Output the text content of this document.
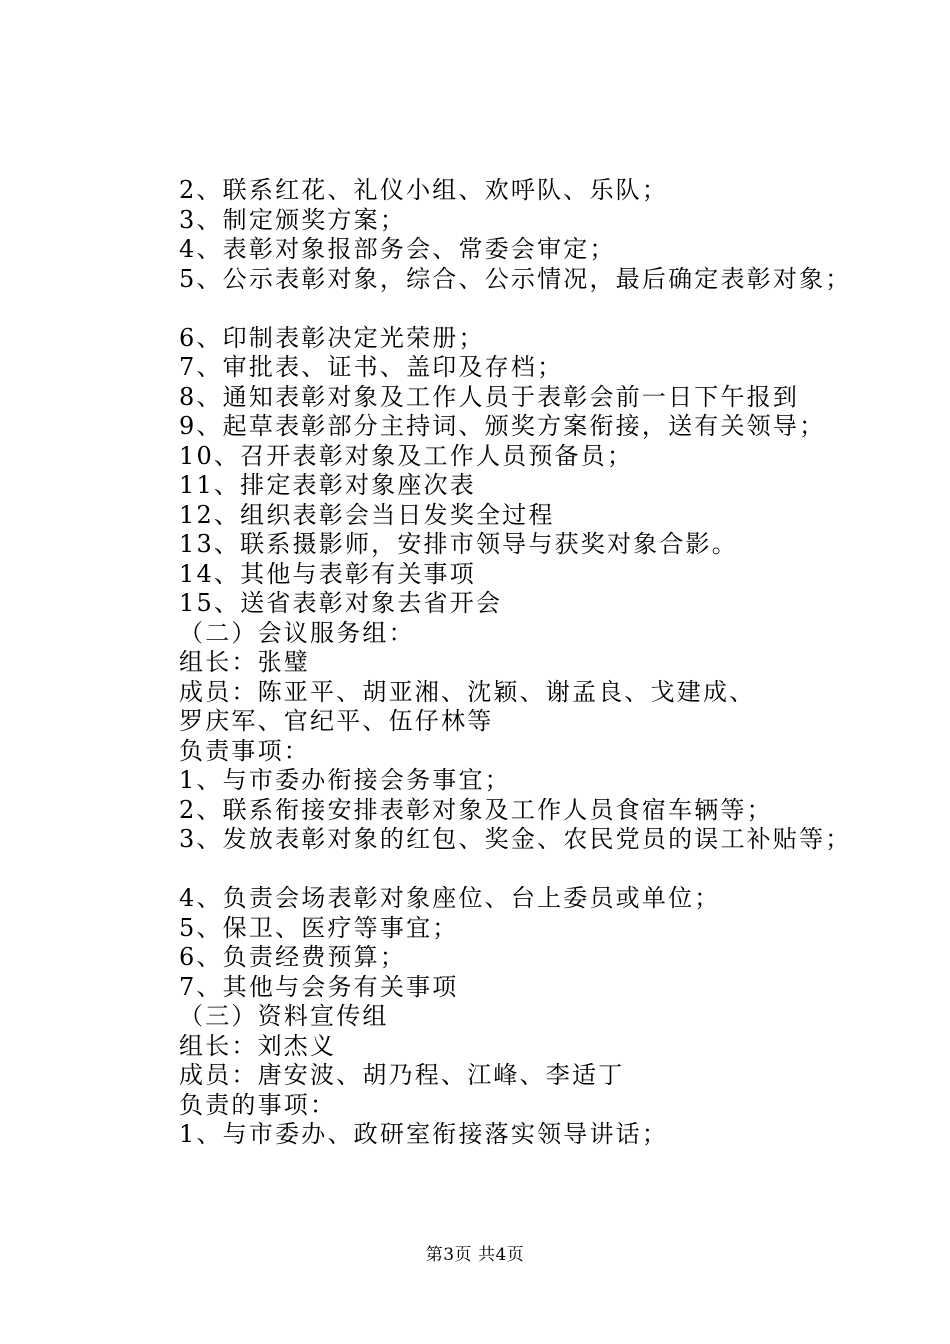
2、联系红花、礼仪小组、欢呼队、乐队；
3、制定颁奖方案；
4、表彰对象报部务会、常委会审定；
5、公示表彰对象，综合、公示情况，最后确定表彰对象；
6、印制表彰决定光荣册；
7、审批表、证书、盖印及存档；
8、通知表彰对象及工作人员于表彰会前一日下午报到
9、起草表彰部分主持词、颁奖方案衔接，送有关领导；
10、召开表彰对象及工作人员预备员；
11、排定表彰对象座次表
12、组织表彰会当日发奖全过程
13、联系摄影师，安排市领导与获奖对象合影。
14、其他与表彰有关事项
15、送省表彰对象去省开会
（二）会议服务组：
组长：张璧
成员：陈亚平、胡亚湘、沈颖、谢孟良、戈建成、
罗庆军、官纪平、伍仔林等
负责事项：
1、与市委办衔接会务事宜；
2、联系衔接安排表彰对象及工作人员食宿车辆等；
3、发放表彰对象的红包、奖金、农民党员的误工补贴等；
4、负责会场表彰对象座位、台上委员或单位；
5、保卫、医疗等事宜；
6、负责经费预算；
7、其他与会务有关事项
（三）资料宣传组
组长：刘杰义
成员：唐安波、胡乃程、江峰、李适丁
负责的事项：
1、与市委办、政研室衔接落实领导讲话；
第3页 共4页
